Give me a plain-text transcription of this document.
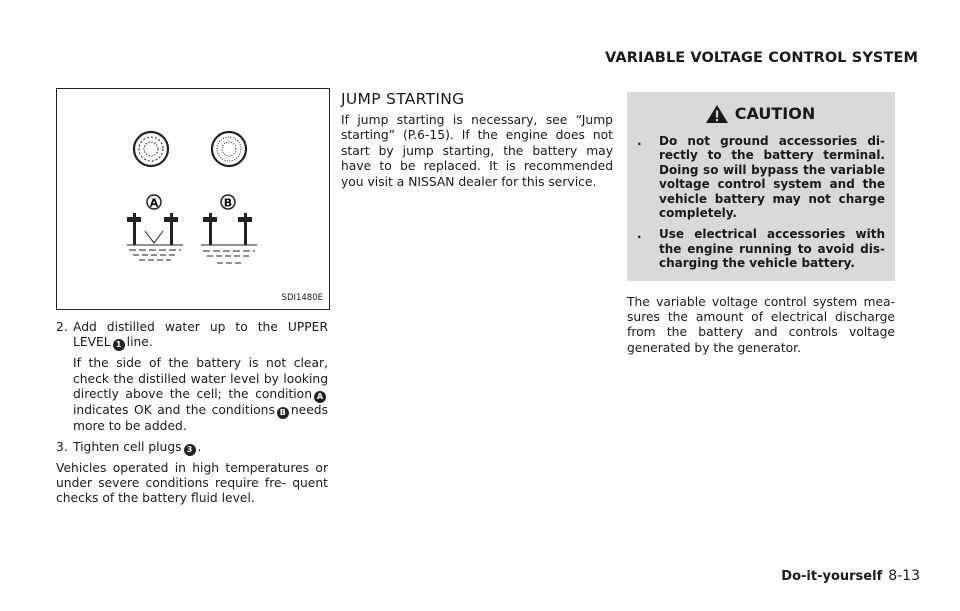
VARIABLE VOLTAGE CONTROL SYSTEM
A	B
SDI1480E
2. Add distilled water up to the UPPER LEVEL 1 line.

If the side of the battery is not clear, check the distilled water level by looking directly above the cell; the condition Aindicates OK and the conditions B needs more to be added.

3. Tighten cell plugs 3 .

Vehicles operated in high temperatures or under severe conditions require fre- quent checks of the battery fluid level.

JUMP STARTING

If jump starting is necessary, see “Jump starting” (P.6-15). If the engine does not start by jump starting, the battery may have to be replaced. It is recommended you visit a NISSAN dealer for this service.

CAUTION
.	Do not ground accessories di- rectly to the battery terminal. Doing so will bypass the variable voltage control system and the vehicle battery may not charge completely.

.	Use electrical accessories with the engine running to avoid dis- charging the vehicle battery.

The variable voltage control system mea- sures the amount of electrical discharge from the battery and controls voltage generated by the generator.

Do-it-yourself 8-13
